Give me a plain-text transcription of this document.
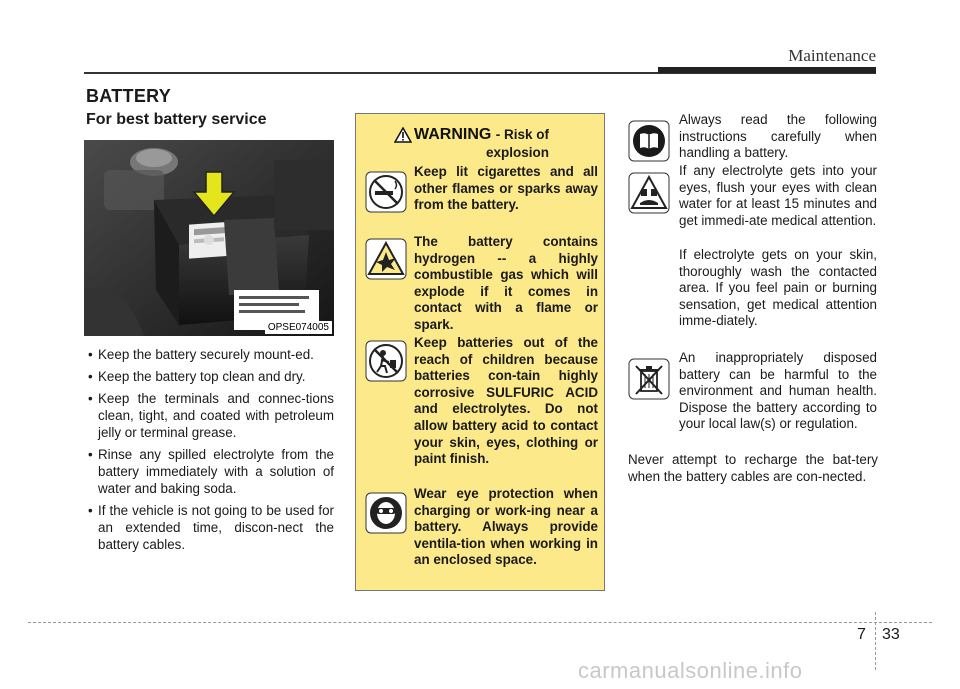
Maintenance
BATTERY
For best battery service
OPSE074005
• Keep the battery securely mount-ed.
• Keep the battery top clean and dry.
• Keep the terminals and connec-tions clean, tight, and coated with petroleum jelly or terminal grease.
• Rinse any spilled electrolyte from the battery immediately with a solution of water and baking soda.
• If the vehicle is not going to be used for an extended time, discon-nect the battery cables.
WARNING - Risk of
explosion
Keep lit cigarettes and all other flames or sparks away from the battery.
The battery contains hydrogen -- a highly combustible gas which will explode if it comes in contact with a flame or spark.
Keep batteries out of the reach of children because batteries con-tain highly corrosive SULFURIC ACID and electrolytes. Do not allow battery acid to contact your skin, eyes, clothing or paint finish.
Wear eye protection when charging or work-ing near a battery. Always provide ventila-tion when working in an enclosed space.
Always read the following instructions carefully when handling a battery.
If any electrolyte gets into your eyes, flush your eyes with clean water for at least 15 minutes and get immedi-ate medical attention.
If electrolyte gets on your skin, thoroughly wash the contacted area. If you feel pain or burning sensation, get medical attention imme-diately.
An inappropriately disposed battery can be harmful to the environment and human health. Dispose the battery according to your local law(s) or regulation.
Never attempt to recharge the bat-tery when the battery cables are con-nected.
7 33
carmanualsonline.info
